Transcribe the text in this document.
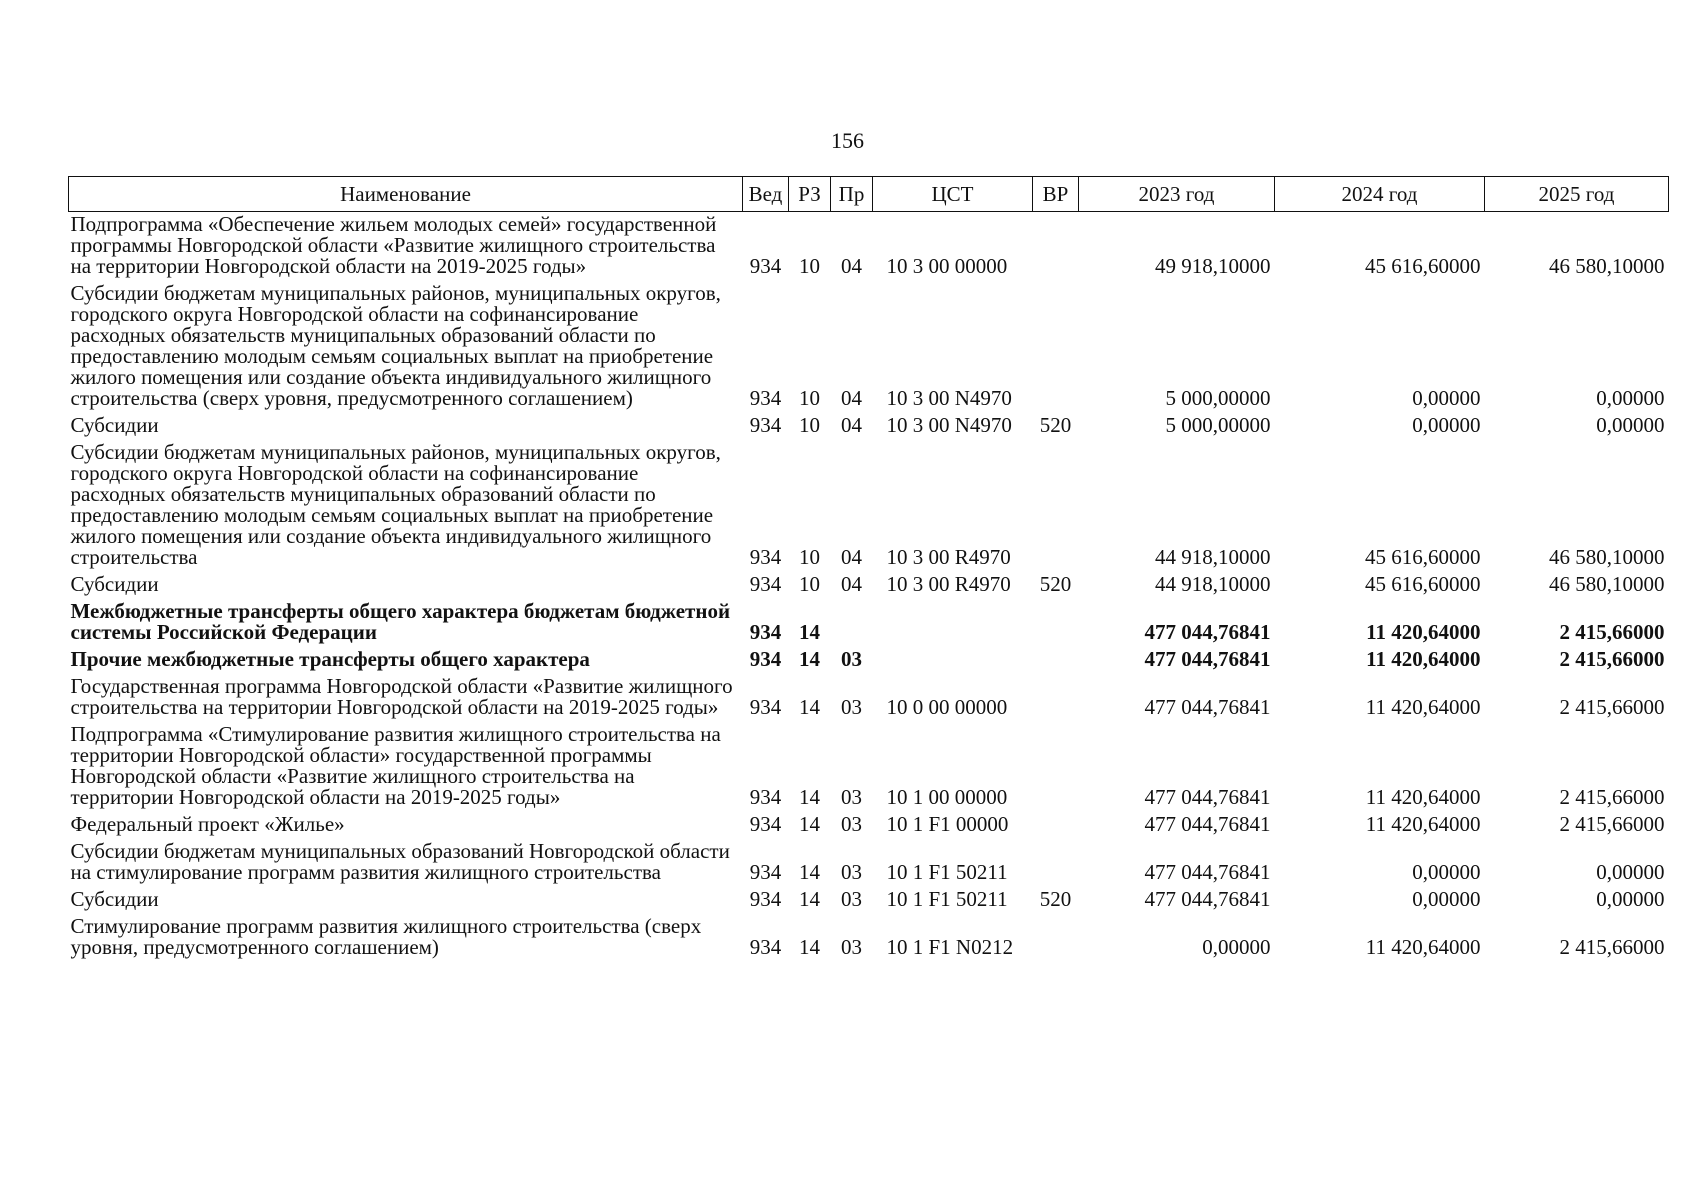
156
Наименование	Вед	РЗ	Пр	ЦСТ	ВР	2023 год	2024 год	2025 год
Подпрограмма «Обеспечение жильем молодых семей» государственной программы Новгородской области «Развитие жилищного строительства на территории Новгородской области на 2019-2025 годы»	934	10	04	10 3 00 00000		49 918,10000	45 616,60000	46 580,10000
Субсидии бюджетам муниципальных районов, муниципальных округов, городского округа Новгородской области на софинансирование расходных обязательств муниципальных образований области по предоставлению молодым семьям социальных выплат на приобретение жилого помещения или создание объекта индивидуального жилищного строительства (сверх уровня, предусмотренного соглашением)	934	10	04	10 3 00 N4970		5 000,00000	0,00000	0,00000
Субсидии	934	10	04	10 3 00 N4970	520	5 000,00000	0,00000	0,00000
Субсидии бюджетам муниципальных районов, муниципальных округов, городского округа Новгородской области на софинансирование расходных обязательств муниципальных образований области по предоставлению молодым семьям социальных выплат на приобретение жилого помещения или создание объекта индивидуального жилищного строительства	934	10	04	10 3 00 R4970		44 918,10000	45 616,60000	46 580,10000
Субсидии	934	10	04	10 3 00 R4970	520	44 918,10000	45 616,60000	46 580,10000
Межбюджетные трансферты общего характера бюджетам бюджетной системы Российской Федерации	934	14				477 044,76841	11 420,64000	2 415,66000
Прочие межбюджетные трансферты общего характера	934	14	03			477 044,76841	11 420,64000	2 415,66000
Государственная программа Новгородской области «Развитие жилищного строительства на территории Новгородской области на 2019-2025 годы»	934	14	03	10 0 00 00000		477 044,76841	11 420,64000	2 415,66000
Подпрограмма «Стимулирование развития жилищного строительства на территории Новгородской области» государственной программы Новгородской области «Развитие жилищного строительства на территории Новгородской области на 2019-2025 годы»	934	14	03	10 1 00 00000		477 044,76841	11 420,64000	2 415,66000
Федеральный проект «Жилье»	934	14	03	10 1 F1 00000		477 044,76841	11 420,64000	2 415,66000
Субсидии бюджетам муниципальных образований Новгородской области на стимулирование программ развития жилищного строительства	934	14	03	10 1 F1 50211		477 044,76841	0,00000	0,00000
Субсидии	934	14	03	10 1 F1 50211	520	477 044,76841	0,00000	0,00000
Стимулирование программ развития жилищного строительства (сверх уровня, предусмотренного соглашением)	934	14	03	10 1 F1 N0212		0,00000	11 420,64000	2 415,66000
